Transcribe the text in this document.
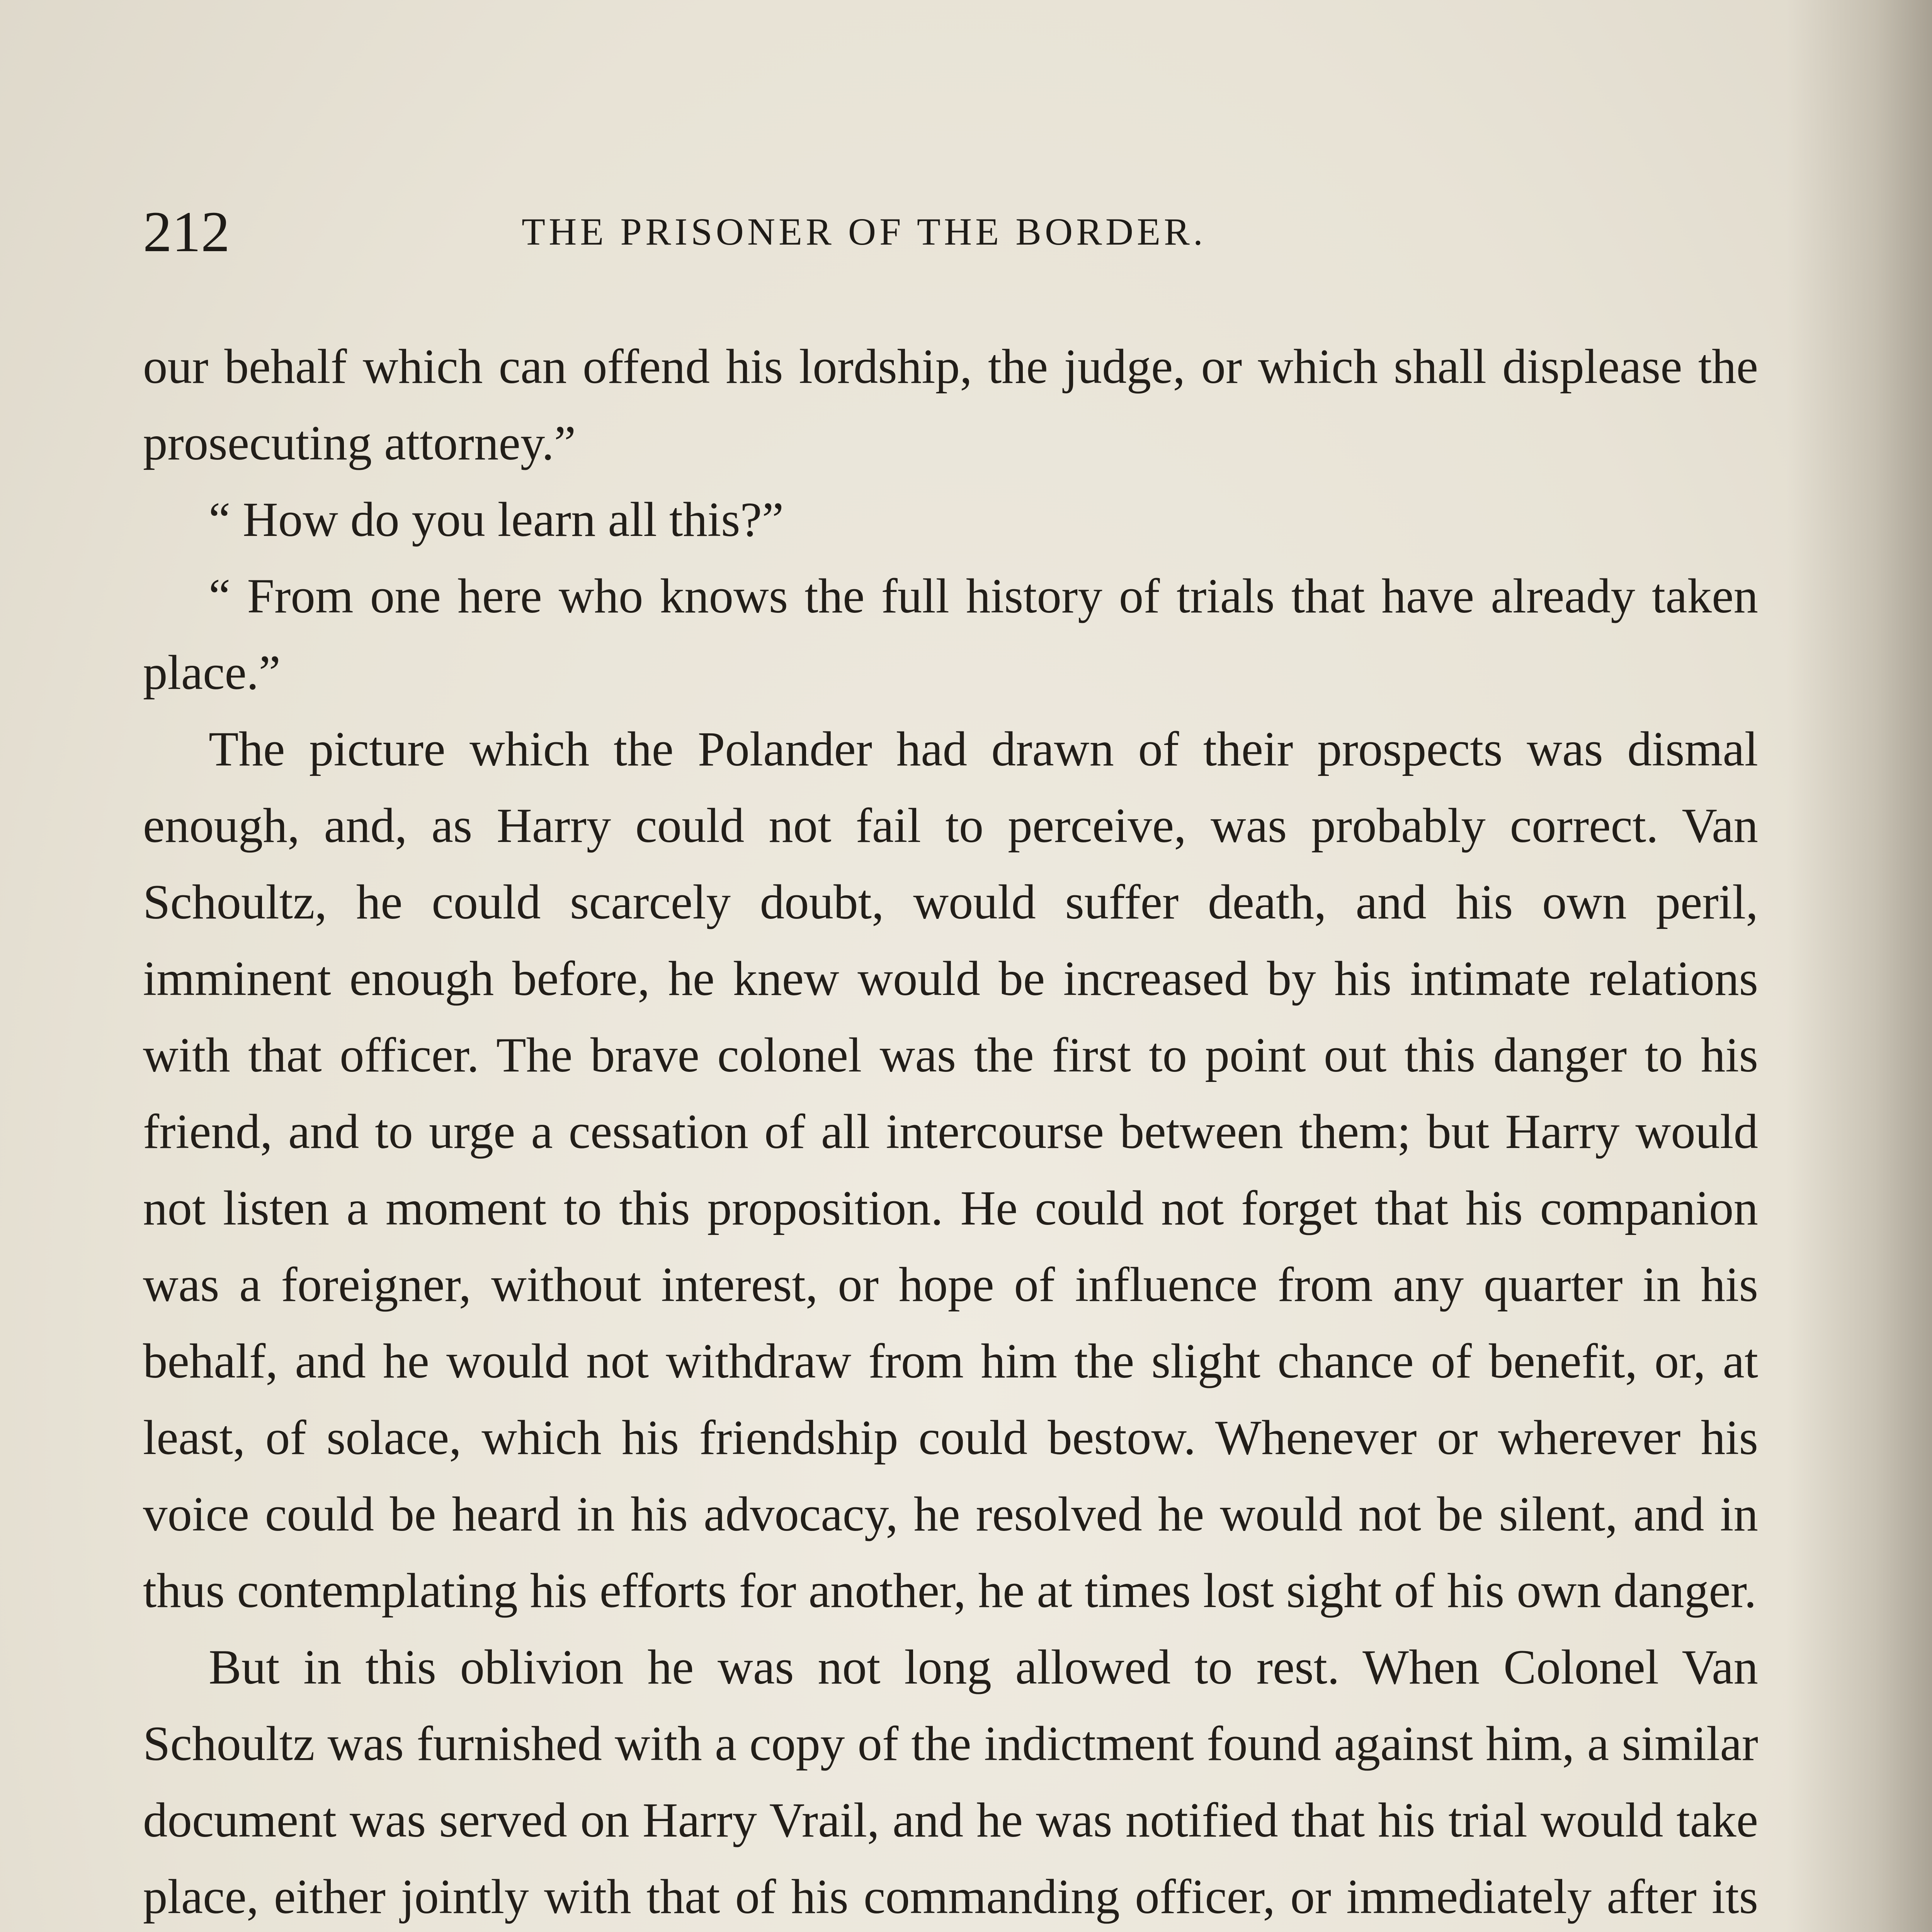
212	THE PRISONER OF THE BORDER.

our behalf which can offend his lordship, the judge, or which shall displease the prosecuting attorney.”

“ How do you learn all this?”

“ From one here who knows the full history of trials that have already taken place.”

The picture which the Polander had drawn of their prospects was dismal enough, and, as Harry could not fail to perceive, was probably correct. Van Schoultz, he could scarcely doubt, would suffer death, and his own peril, imminent enough before, he knew would be increased by his intimate relations with that officer. The brave colonel was the first to point out this danger to his friend, and to urge a cessation of all intercourse between them; but Harry would not listen a moment to this proposition. He could not forget that his companion was a foreigner, without interest, or hope of influence from any quarter in his behalf, and he would not withdraw from him the slight chance of benefit, or, at least, of solace, which his friendship could bestow. Whenever or wherever his voice could be heard in his advocacy, he resolved he would not be silent, and in thus contemplating his efforts for another, he at times lost sight of his own danger.

But in this oblivion he was not long allowed to rest. When Colonel Van Schoultz was furnished with a copy of the indictment found against him, a similar document was served on Harry Vrail, and he was notified that his trial would take place, either jointly with that of his commanding officer, or immediately after its
